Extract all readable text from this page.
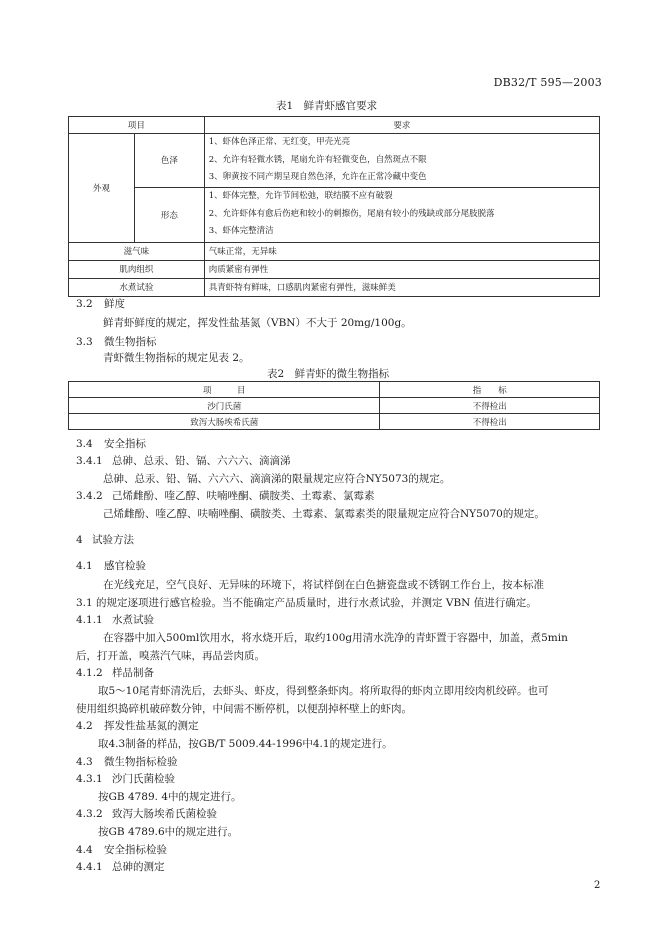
DB32/T 595—2003
表1　鲜青虾感官要求
项目		要求
外观	色泽	1、虾体色泽正常、无红变，甲壳光亮
2、允许有轻微水锈，尾扇允许有轻微变色，自然斑点不限
3、卵黄按不同产期呈现自然色泽，允许在正常冷藏中变色

	形态	1、虾体完整，允许节间松弛，联结膜不应有破裂
2、允许虾体有愈后伤疤和较小的刺擦伤，尾扇有较小的残缺或部分尾肢脱落
3、虾体完整清洁

滋气味		气味正常，无异味
肌肉组织		肉质紧密有弹性
水煮试验		具青虾特有鲜味，口感肌肉紧密有弹性，滋味鲜美
3.2 鲜度
鲜青虾鲜度的规定，挥发性盐基氮（VBN）不大于 20mg/100g。
3.3 微生物指标
青虾微生物指标的规定见表 2。
表2　鲜青虾的微生物指标
项　　　目	指　　标
沙门氏菌	不得检出
致泻大肠埃希氏菌	不得检出
3.4 安全指标
3.4.1 总砷、总汞、铅、镉、六六六、滴滴涕
总砷、总汞、铅、镉、六六六、滴滴涕的限量规定应符合NY5073的规定。
3.4.2 己烯雌酚、喹乙醇、呋喃唑酮、磺胺类、土霉素、氯霉素
己烯雌酚、喹乙醇、呋喃唑酮、磺胺类、土霉素、氯霉素类的限量规定应符合NY5070的规定。
4 试验方法
4.1 感官检验
在光线充足，空气良好、无异味的环境下，将试样倒在白色搪瓷盘或不锈钢工作台上，按本标准
3.1 的规定逐项进行感官检验。当不能确定产品质量时，进行水煮试验，并测定 VBN 值进行确定。
4.1.1 水煮试验
在容器中加入500ml饮用水，将水烧开后，取约100g用清水洗净的青虾置于容器中，加盖，煮5min
后，打开盖，嗅蒸汽气味，再品尝肉质。
4.1.2 样品制备
取5～10尾青虾清洗后，去虾头、虾皮，得到整条虾肉。将所取得的虾肉立即用绞肉机绞碎。也可
使用组织捣碎机破碎数分钟，中间需不断停机，以便刮掉杯壁上的虾肉。
4.2 挥发性盐基氮的测定
取4.3制备的样品，按GB/T 5009.44-1996中4.1的规定进行。
4.3 微生物指标检验
4.3.1 沙门氏菌检验
按GB 4789. 4中的规定进行。
4.3.2 致泻大肠埃希氏菌检验
按GB 4789.6中的规定进行。
4.4 安全指标检验
4.4.1 总砷的测定
2
